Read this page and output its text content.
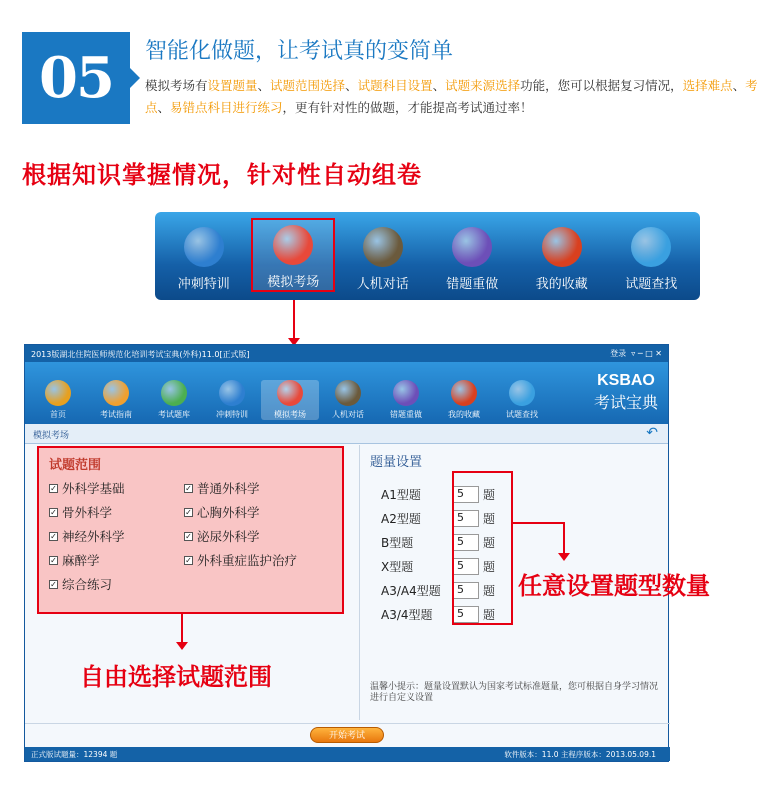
05	智能化做题，让考试真的变简单
模拟考场有设置题量、试题范围选择、试题科目设置、试题来源选择功能，您可以根据复习情况，选择难点、考点、易错点科目进行练习，更有针对性的做题，才能提高考试通过率！
根据知识掌握情况，针对性自动组卷
冲刺特训	模拟考场	人机对话	错题重做	我的收藏	试题查找
2013版湖北住院医师规范化培训考试宝典(外科)11.0[正式版]	登录 ▿ ─ □ ✕
首页	考试指南	考试题库	冲刺特训	模拟考场	人机对话	错题重做	我的收藏	试题查找
KSBAO
考试宝典
模拟考场	↶
试题范围
✓ 外科学基础	✓ 普通外科学
✓ 骨外科学	✓ 心胸外科学
✓ 神经外科学	✓ 泌尿外科学
✓ 麻醉学	✓ 外科重症监护治疗
✓ 综合练习
题量设置
A1型题	5	题
A2型题	5	题
B型题	5	题
X型题	5	题
A3/A4型题	5	题
A3/4型题	5	题
温馨小提示：题量设置默认为国家考试标准题量，您可根据自身学习情况进行自定义设置
开始考试
正式版试题量：12394 题	软件版本：11.0 主程序版本：2013.05.09.1
自由选择试题范围
任意设置题型数量
